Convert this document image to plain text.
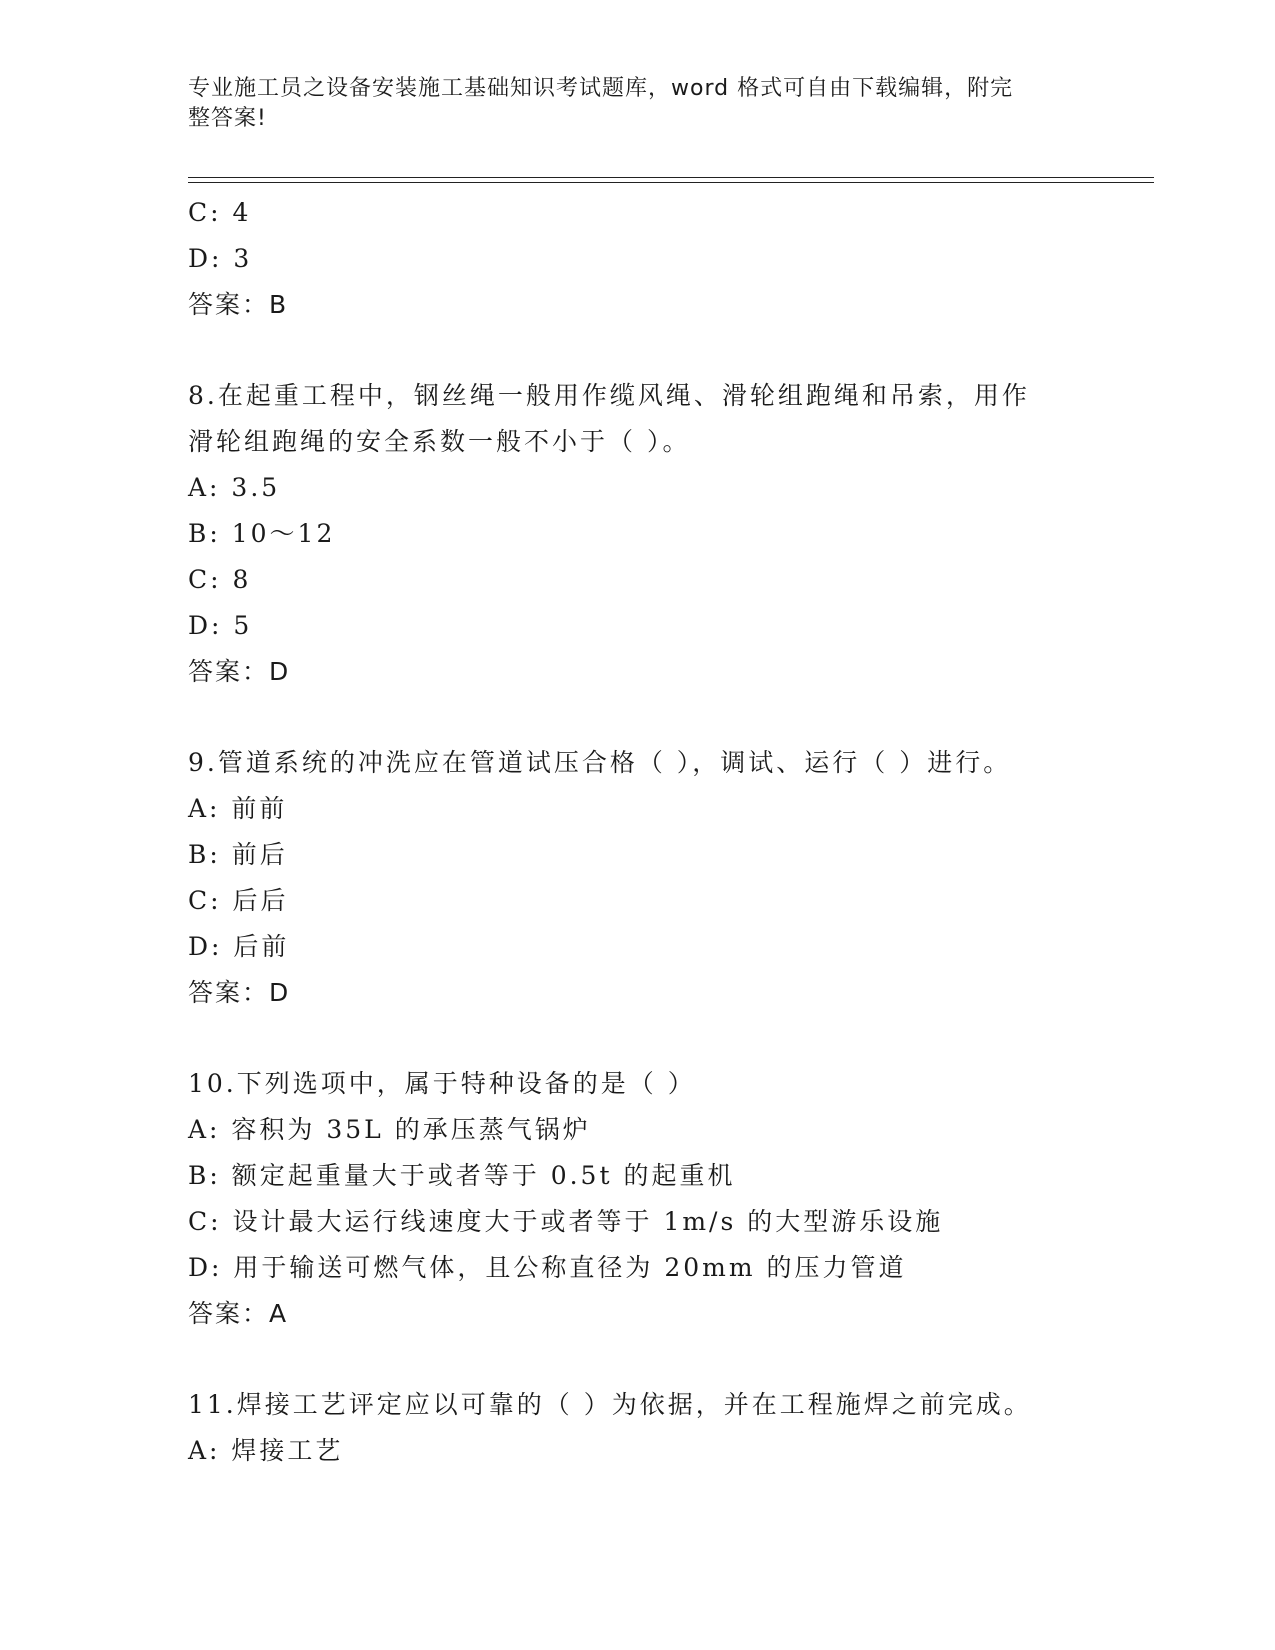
专业施工员之设备安装施工基础知识考试题库，word 格式可自由下载编辑，附完
整答案!
C: 4
D: 3
答案：B
8.在起重工程中，钢丝绳一般用作缆风绳、滑轮组跑绳和吊索，用作
滑轮组跑绳的安全系数一般不小于（ ）。
A: 3.5
B: 10～12
C: 8
D: 5
答案：D
9.管道系统的冲洗应在管道试压合格（ ），调试、运行（ ）进行。
A: 前前
B: 前后
C: 后后
D: 后前
答案：D
10.下列选项中，属于特种设备的是（ ）
A: 容积为 35L 的承压蒸气锅炉
B: 额定起重量大于或者等于 0.5t 的起重机
C: 设计最大运行线速度大于或者等于 1m/s 的大型游乐设施
D: 用于输送可燃气体，且公称直径为 20mm 的压力管道
答案：A
11.焊接工艺评定应以可靠的（ ）为依据，并在工程施焊之前完成。
A: 焊接工艺
